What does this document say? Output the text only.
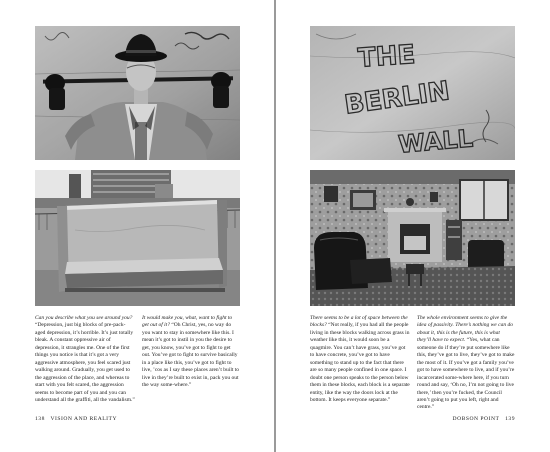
Can you describe what you see around you? “Depression, just big blocks of pre-pack-aged depression, it’s horrible. It’s just totally bleak. A constant oppressive air of depression, it strangles me. One of the first things you notice is that it’s got a very aggressive atmosphere, you feel scared just walking around. Gradually, you get used to the aggression of the place, and whereas to start with you felt scared, the aggression seems to become part of you and you can understand all the graffiti, all the vandalism.”
It would make you, what, want to fight to get out of it? “Oh Christ, yes, no way do you want to stay in somewhere like this. I mean it’s got to instil in you the desire to get, you know, you’ve got to fight to get out. You’ve got to fight to survive basically in a place like this, you’ve got to fight to live, ’cos as I say these places aren’t built to live in they’re built to exist in, pack you out the way some-where.”
138 VISION AND REALITY
THE
BERLIN
WALL
There seems to be a lot of space between the blocks? “Not really, if you had all the people living in these blocks walking across grass in weather like this, it would soon be a quagmire. You can’t have grass, you’ve got to have concrete, you’ve got to have something to stand up to the fact that there are so many people confined in one space. I doubt one person speaks to the person below them in these blocks, each block is a separate entity, like the way the doors lock at the bottom. It keeps everyone separate.”
The whole environment seems to give the idea of passivity. There’s nothing we can do about it, this is the future, this is what they’ll have to expect. “Yes, what can someone do if they’re put somewhere like this, they’ve got to live, they’ve got to make the most of it. If you’ve got a family you’ve got to have somewhere to live, and if you’re incarcerated some-where here, if you turn round and say, ‘Oh no, I’m not going to live there,’ then you’re fucked, the Council aren’t going to put you left, right and centre.”
DOBSON POINT 139
